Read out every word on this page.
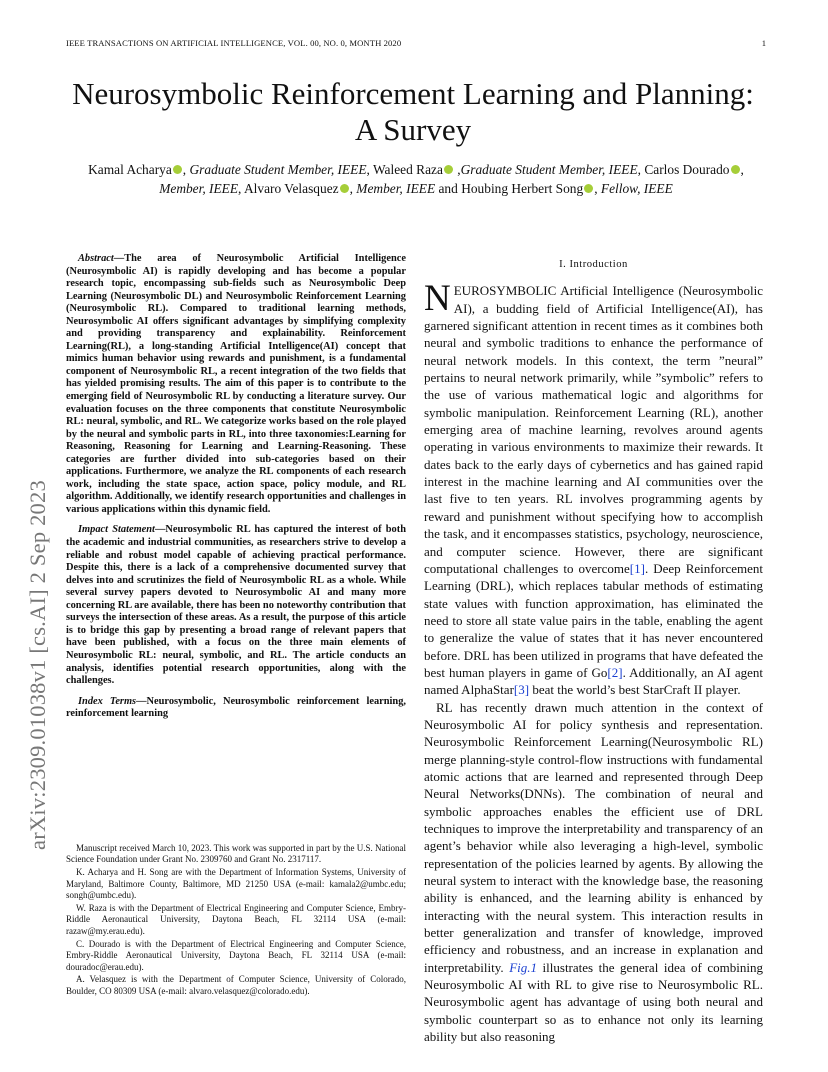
IEEE TRANSACTIONS ON ARTIFICIAL INTELLIGENCE, VOL. 00, NO. 0, MONTH 2020	1
arXiv:2309.01038v1 [cs.AI] 2 Sep 2023
Neurosymbolic Reinforcement Learning and Planning: A Survey
Kamal Acharya , Graduate Student Member, IEEE, Waleed Raza ,Graduate Student Member, IEEE, Carlos Dourado , Member, IEEE, Alvaro Velasquez , Member, IEEE and Houbing Herbert Song , Fellow, IEEE

Abstract—The area of Neurosymbolic Artificial Intelligence (Neurosymbolic AI) is rapidly developing and has become a popular research topic, encompassing sub-fields such as Neurosymbolic Deep Learning (Neurosymbolic DL) and Neurosymbolic Reinforcement Learning (Neurosymbolic RL). Compared to traditional learning methods, Neurosymbolic AI offers significant advantages by simplifying complexity and providing transparency and explainability. Reinforcement Learning(RL), a long-standing Artificial Intelligence(AI) concept that mimics human behavior using rewards and punishment, is a fundamental component of Neurosymbolic RL, a recent integration of the two fields that has yielded promising results. The aim of this paper is to contribute to the emerging field of Neurosymbolic RL by conducting a literature survey. Our evaluation focuses on the three components that constitute Neurosymbolic RL: neural, symbolic, and RL. We categorize works based on the role played by the neural and symbolic parts in RL, into three taxonomies:Learning for Reasoning, Reasoning for Learning and Learning-Reasoning. These categories are further divided into sub-categories based on their applications. Furthermore, we analyze the RL components of each research work, including the state space, action space, policy module, and RL algorithm. Additionally, we identify research opportunities and challenges in various applications within this dynamic field.

Impact Statement—Neurosymbolic RL has captured the interest of both the academic and industrial communities, as researchers strive to develop a reliable and robust model capable of achieving practical performance. Despite this, there is a lack of a comprehensive documented survey that delves into and scrutinizes the field of Neurosymbolic RL as a whole. While several survey papers devoted to Neurosymbolic AI and many more concerning RL are available, there has been no noteworthy contribution that surveys the intersection of these areas. As a result, the purpose of this article is to bridge this gap by presenting a broad range of relevant papers that have been published, with a focus on the three main elements of Neurosymbolic RL: neural, symbolic, and RL. The article conducts an analysis, identifies potential research opportunities, along with the challenges.

Index Terms—Neurosymbolic, Neurosymbolic reinforcement learning, reinforcement learning

Manuscript received March 10, 2023. This work was supported in part by the U.S. National Science Foundation under Grant No. 2309760 and Grant No. 2317117.

K. Acharya and H. Song are with the Department of Information Systems, University of Maryland, Baltimore County, Baltimore, MD 21250 USA (e-mail: kamala2@umbc.edu; songh@umbc.edu).

W. Raza is with the Department of Electrical Engineering and Computer Science, Embry-Riddle Aeronautical University, Daytona Beach, FL 32114 USA (e-mail: razaw@my.erau.edu).

C. Dourado is with the Department of Electrical Engineering and Computer Science, Embry-Riddle Aeronautical University, Daytona Beach, FL 32114 USA (e-mail: douradoc@erau.edu).

A. Velasquez is with the Department of Computer Science, University of Colorado, Boulder, CO 80309 USA (e-mail: alvaro.velasquez@colorado.edu).

I. Introduction

NEUROSYMBOLIC Artificial Intelligence (Neurosymbolic AI), a budding field of Artificial Intelligence(AI), has garnered significant attention in recent times as it combines both neural and symbolic traditions to enhance the performance of neural network models. In this context, the term ”neural” pertains to neural network primarily, while ”symbolic” refers to the use of various mathematical logic and algorithms for symbolic manipulation. Reinforcement Learning (RL), another emerging area of machine learning, revolves around agents operating in various environments to maximize their rewards. It dates back to the early days of cybernetics and has gained rapid interest in the machine learning and AI communities over the last five to ten years. RL involves programming agents by reward and punishment without specifying how to accomplish the task, and it encompasses statistics, psychology, neuroscience, and computer science. However, there are significant computational challenges to overcome[1]. Deep Reinforcement Learning (DRL), which replaces tabular methods of estimating state values with function approximation, has eliminated the need to store all state value pairs in the table, enabling the agent to generalize the value of states that it has never encountered before. DRL has been utilized in programs that have defeated the best human players in game of Go[2]. Additionally, an AI agent named AlphaStar[3] beat the world’s best StarCraft II player.

RL has recently drawn much attention in the context of Neurosymbolic AI for policy synthesis and representation. Neurosymbolic Reinforcement Learning(Neurosymbolic RL) merge planning-style control-flow instructions with fundamental atomic actions that are learned and represented through Deep Neural Networks(DNNs). The combination of neural and symbolic approaches enables the efficient use of DRL techniques to improve the interpretability and transparency of an agent’s behavior while also leveraging a high-level, symbolic representation of the policies learned by agents. By allowing the neural system to interact with the knowledge base, the reasoning ability is enhanced, and the learning ability is enhanced by interacting with the neural system. This interaction results in better generalization and transfer of knowledge, improved efficiency and robustness, and an increase in explanation and interpretability. Fig.1 illustrates the general idea of combining Neurosymbolic AI with RL to give rise to Neurosymbolic RL. Neurosymbolic agent has advantage of using both neural and symbolic counterpart so as to enhance not only its learning ability but also reasoning
